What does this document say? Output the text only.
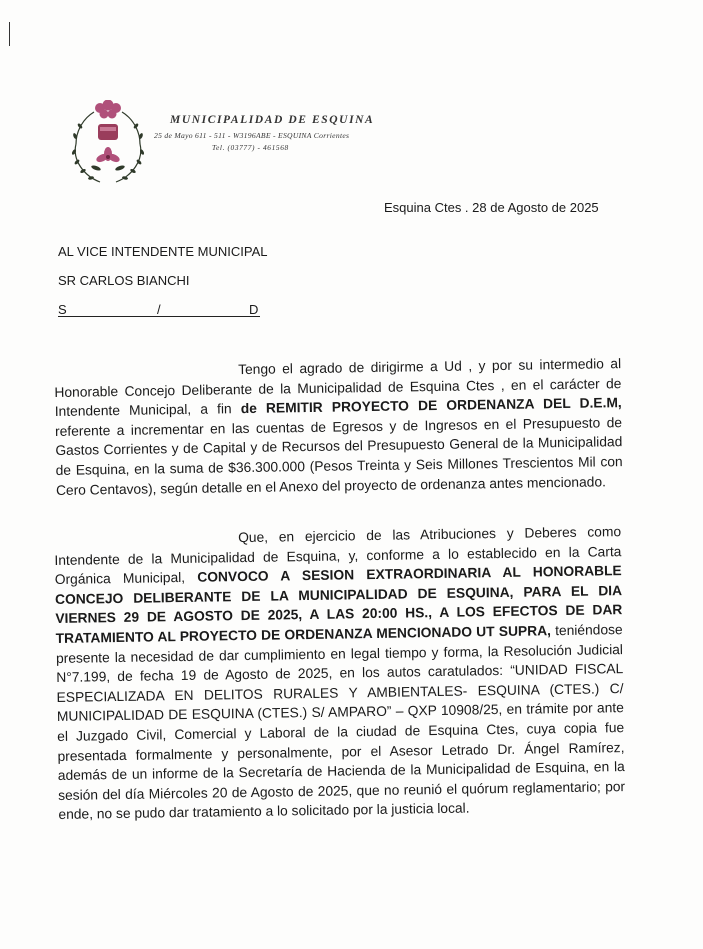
MUNICIPALIDAD DE ESQUINA
25 de Mayo 611 - 511 - W3196ABE - ESQUINA Corrientes
Tel. (03777) - 461568
Esquina Ctes . 28 de Agosto de 2025
AL VICE INTENDENTE MUNICIPAL
SR CARLOS BIANCHI
S	/	D

Tengo el agrado de dirigirme a Ud , y por su intermedio al Honorable Concejo Deliberante de la Municipalidad de Esquina Ctes , en el carácter de Intendente Municipal, a fin de REMITIR PROYECTO DE ORDENANZA DEL D.E.M, referente a incrementar en las cuentas de Egresos y de Ingresos en el Presupuesto de Gastos Corrientes y de Capital y de Recursos del Presupuesto General de la Municipalidad de Esquina, en la suma de $36.300.000 (Pesos Treinta y Seis Millones Trescientos Mil con Cero Centavos), según detalle en el Anexo del proyecto de ordenanza antes mencionado.

Que, en ejercicio de las Atribuciones y Deberes como Intendente de la Municipalidad de Esquina, y, conforme a lo establecido en la Carta Orgánica Municipal, CONVOCO A SESION EXTRAORDINARIA AL HONORABLE CONCEJO DELIBERANTE DE LA MUNICIPALIDAD DE ESQUINA, PARA EL DIA VIERNES 29 DE AGOSTO DE 2025, A LAS 20:00 HS., A LOS EFECTOS DE DAR TRATAMIENTO AL PROYECTO DE ORDENANZA MENCIONADO UT SUPRA, teniéndose presente la necesidad de dar cumplimiento en legal tiempo y forma, la Resolución Judicial N°7.199, de fecha 19 de Agosto de 2025, en los autos caratulados: “UNIDAD FISCAL ESPECIALIZADA EN DELITOS RURALES Y AMBIENTALES- ESQUINA (CTES.) C/ MUNICIPALIDAD DE ESQUINA (CTES.) S/ AMPARO” – QXP 10908/25, en trámite por ante el Juzgado Civil, Comercial y Laboral de la ciudad de Esquina Ctes, cuya copia fue presentada formalmente y personalmente, por el Asesor Letrado Dr. Ángel Ramírez, además de un informe de la Secretaría de Hacienda de la Municipalidad de Esquina, en la sesión del día Miércoles 20 de Agosto de 2025, que no reunió el quórum reglamentario; por ende, no se pudo dar tratamiento a lo solicitado por la justicia local.
